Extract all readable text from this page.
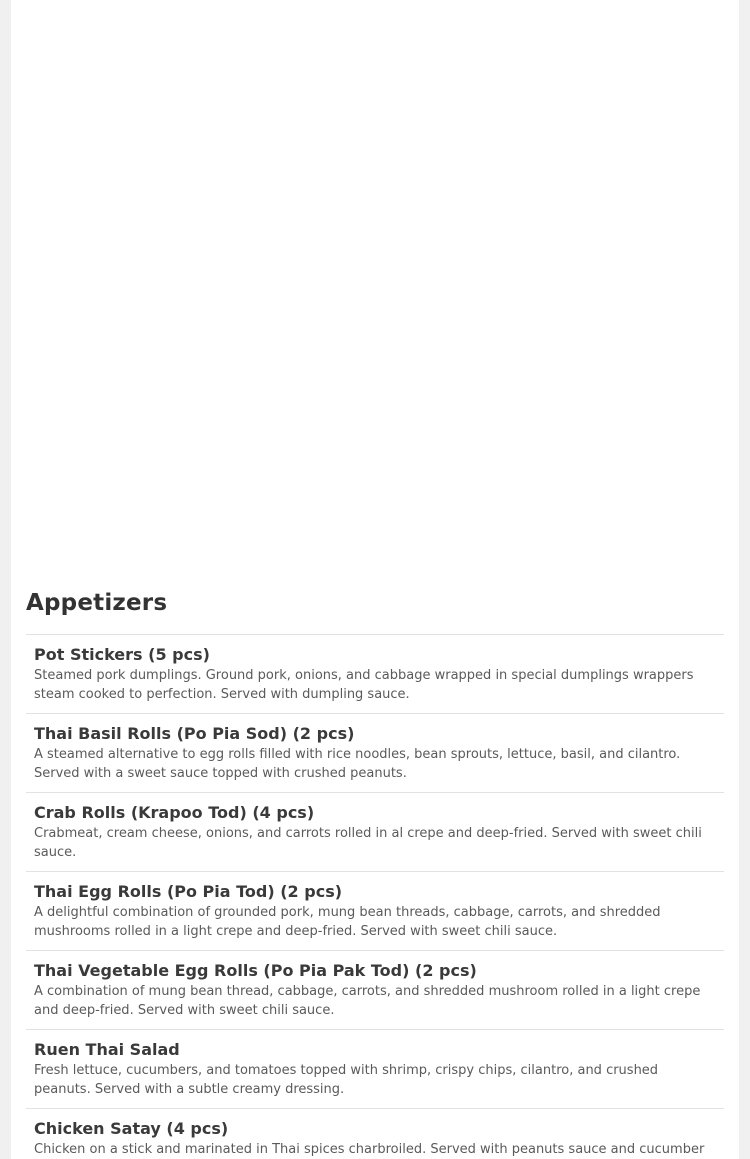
Appetizers
Pot Stickers (5 pcs)
Steamed pork dumplings. Ground pork, onions, and cabbage wrapped in special dumplings wrappers steam cooked to perfection. Served with dumpling sauce.
Thai Basil Rolls (Po Pia Sod) (2 pcs)
A steamed alternative to egg rolls filled with rice noodles, bean sprouts, lettuce, basil, and cilantro. Served with a sweet sauce topped with crushed peanuts.
Crab Rolls (Krapoo Tod) (4 pcs)
Crabmeat, cream cheese, onions, and carrots rolled in al crepe and deep-fried. Served with sweet chili sauce.
Thai Egg Rolls (Po Pia Tod) (2 pcs)
A delightful combination of grounded pork, mung bean threads, cabbage, carrots, and shredded mushrooms rolled in a light crepe and deep-fried. Served with sweet chili sauce.
Thai Vegetable Egg Rolls (Po Pia Pak Tod) (2 pcs)
A combination of mung bean thread, cabbage, carrots, and shredded mushroom rolled in a light crepe and deep-fried. Served with sweet chili sauce.
Ruen Thai Salad
Fresh lettuce, cucumbers, and tomatoes topped with shrimp, crispy chips, cilantro, and crushed peanuts. Served with a subtle creamy dressing.
Chicken Satay (4 pcs)
Chicken on a stick and marinated in Thai spices charbroiled. Served with peanuts sauce and cucumber
